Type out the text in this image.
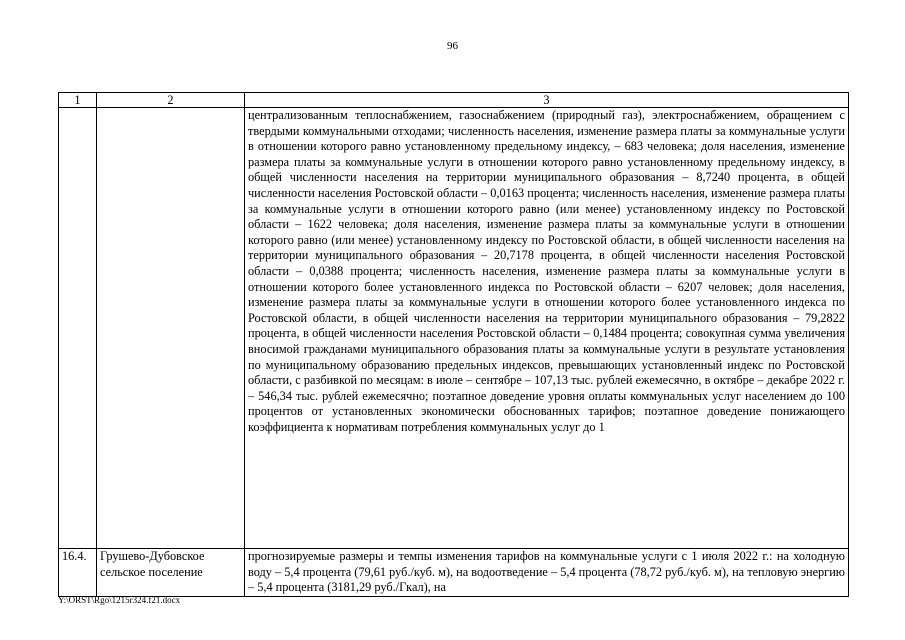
96
1	2	3
		централизованным теплоснабжением, газоснабжением (природный газ), электроснабжением, обращением с твердыми коммунальными отходами; численность населения, изменение размера платы за коммунальные услуги в отношении которого равно установленному предельному индексу, – 683 человека; доля населения, изменение размера платы за коммунальные услуги в отношении которого равно установленному предельному индексу, в общей численности населения на территории муниципального образования – 8,7240 процента, в общей численности населения Ростовской области – 0,0163 процента; численность населения, изменение размера платы за коммунальные услуги в отношении которого равно (или менее) установленному индексу по Ростовской области – 1622 человека; доля населения, изменение размера платы за коммунальные услуги в отношении которого равно (или менее) установленному индексу по Ростовской области, в общей численности населения на территории муниципального образования – 20,7178 процента, в общей численности населения Ростовской области – 0,0388 процента; численность населения, изменение размера платы за коммунальные услуги в отношении которого более установленного индекса по Ростовской области – 6207 человек; доля населения, изменение размера платы за коммунальные услуги в отношении которого более установленного индекса по Ростовской области, в общей численности населения на территории муниципального образования – 79,2822 процента, в общей численности населения Ростовской области – 0,1484 процента; совокупная сумма увеличения вносимой гражданами муниципального образования платы за коммунальные услуги в результате установления по муниципальному образованию предельных индексов, превышающих установленный индекс по Ростовской области, с разбивкой по месяцам: в июле – сентябре – 107,13 тыс. рублей ежемесячно, в октябре – декабре 2022 г. – 546,34 тыс. рублей ежемесячно; поэтапное доведение уровня оплаты коммунальных услуг населением до 100 процентов от установленных экономически обоснованных тарифов; поэтапное доведение понижающего коэффициента к нормативам потребления коммунальных услуг до 1
16.4.	Грушево-Дубовское сельское поселение	прогнозируемые размеры и темпы изменения тарифов на коммунальные услуги с 1 июля 2022 г.: на холодную воду – 5,4 процента (79,61 руб./куб. м), на водоотведение – 5,4 процента (78,72 руб./куб. м), на тепловую энергию – 5,4 процента (3181,29 руб./Гкал), на
Y:\ORST\Rgo\1215r324.f21.docx
